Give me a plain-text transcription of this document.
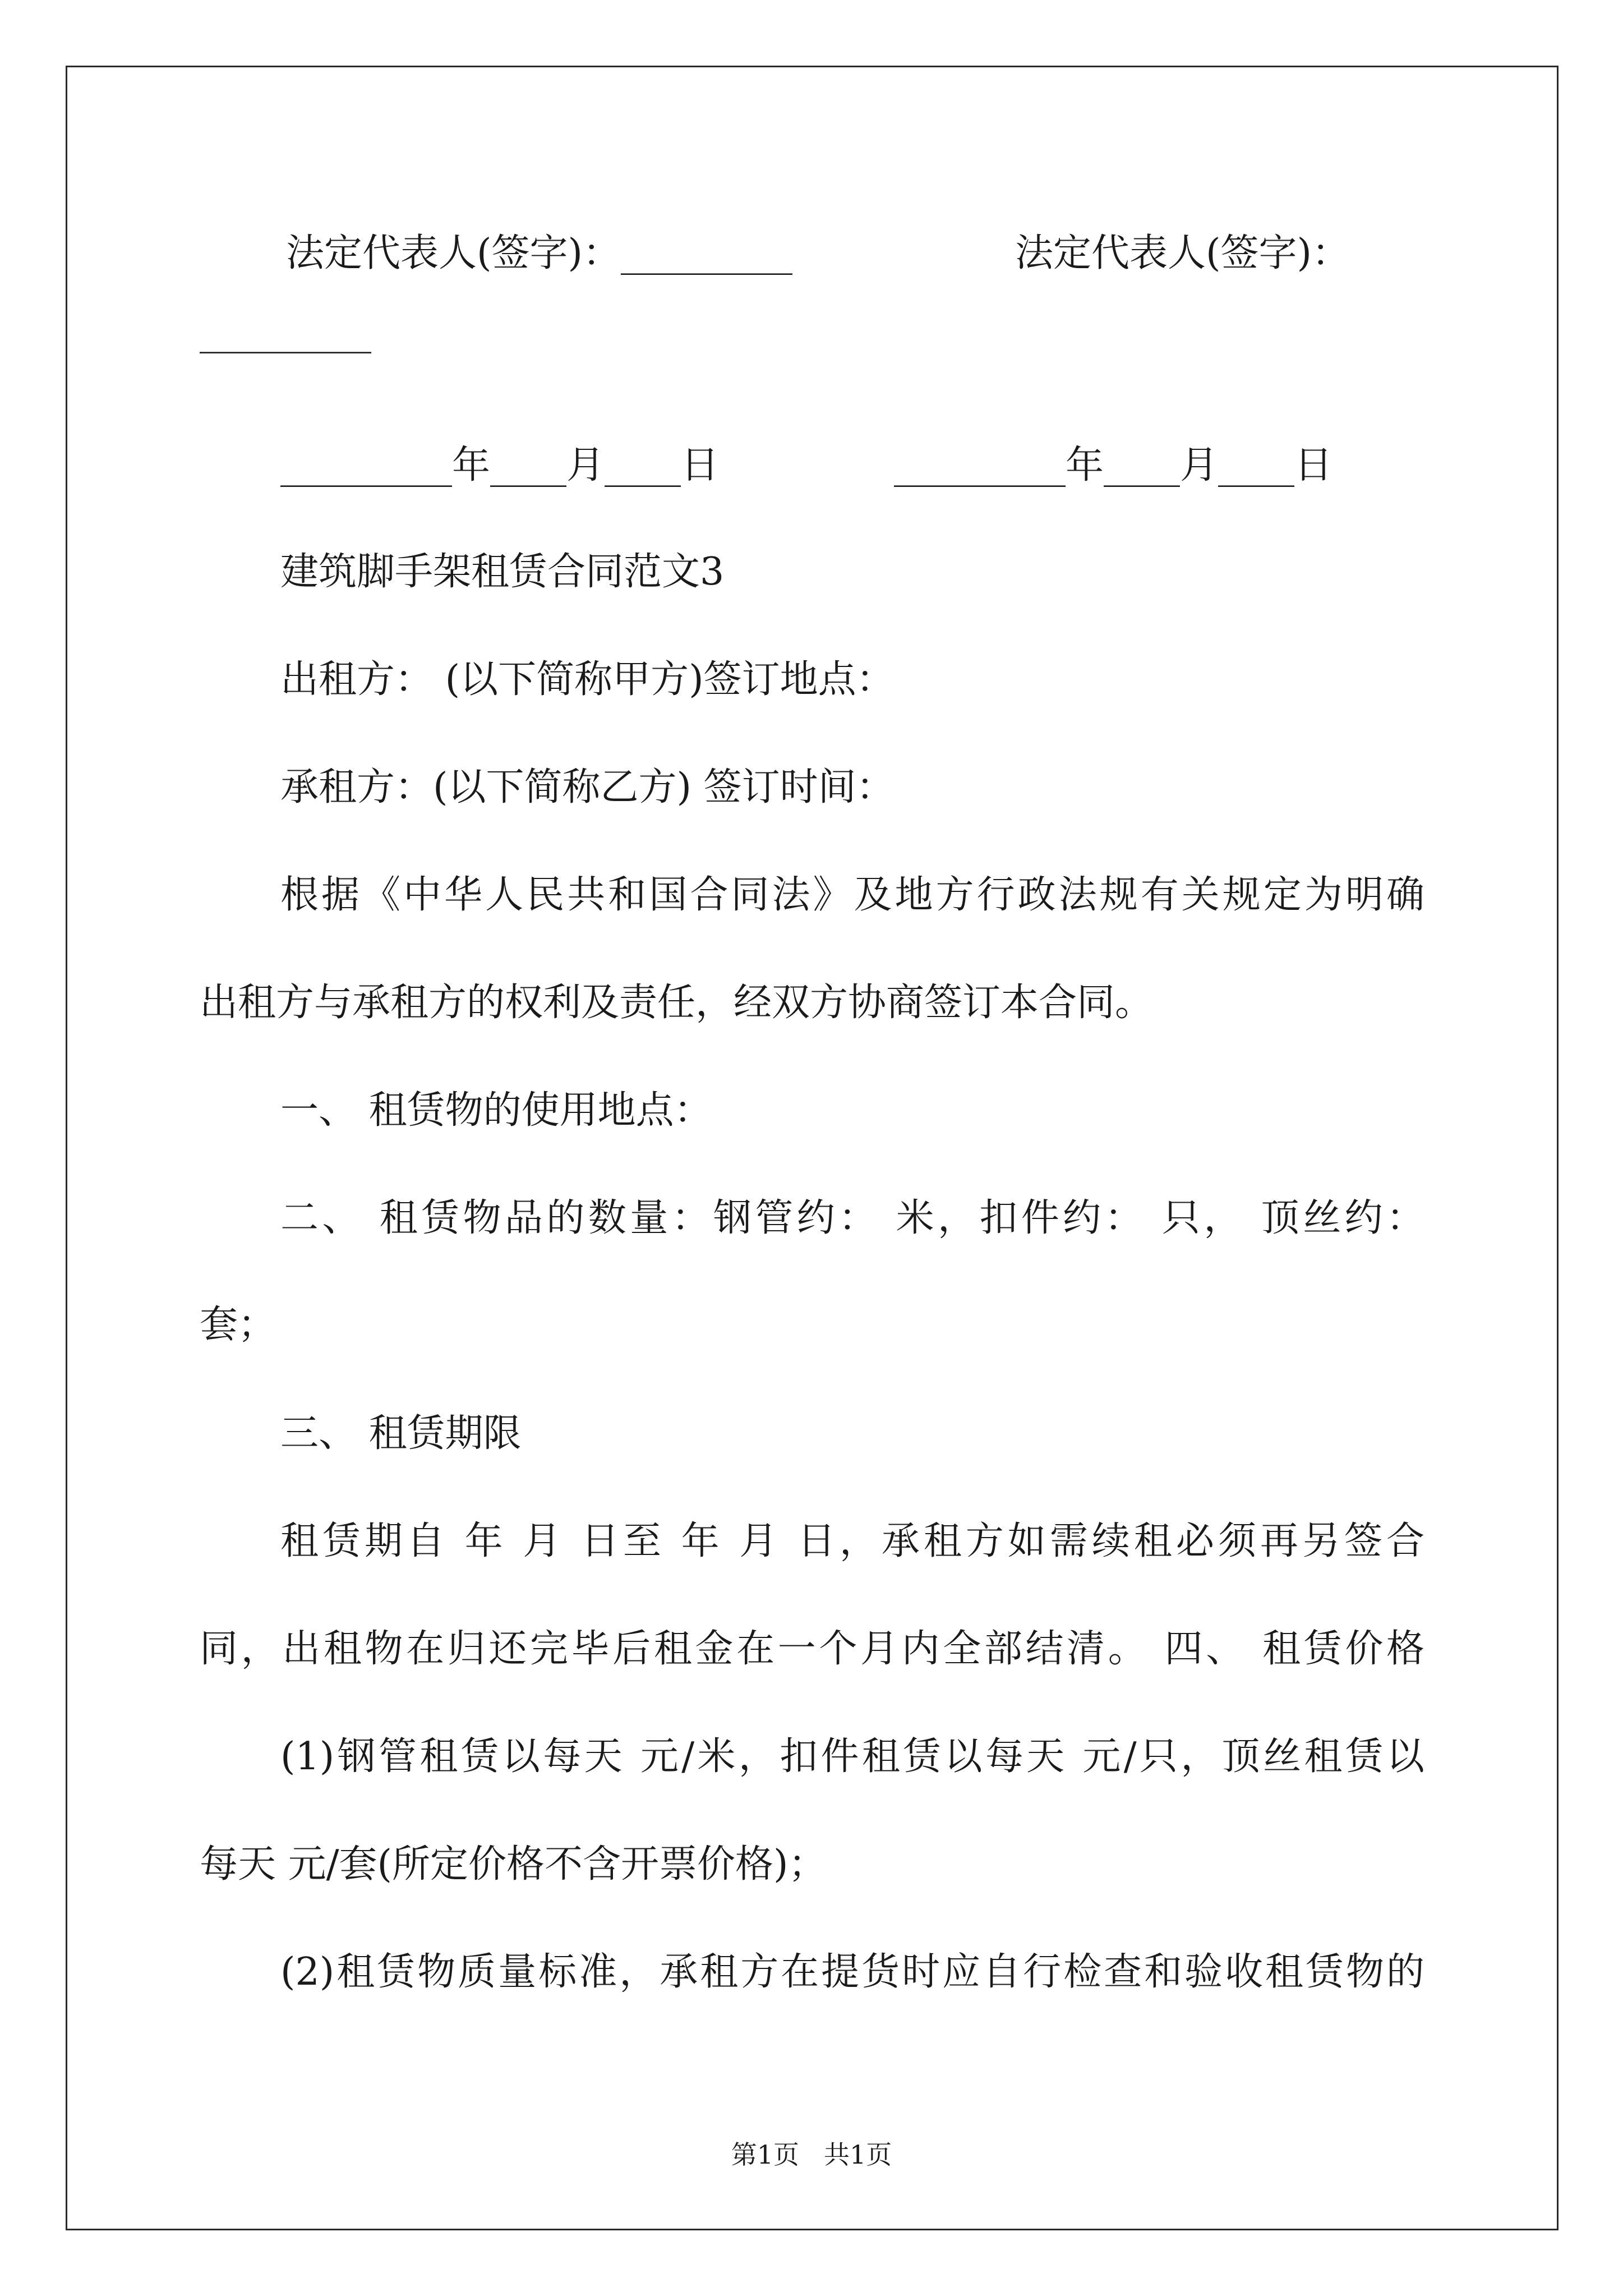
法定代表人(签字)：_________	法定代表人(签字)：
_________
_________年____月____日	_________年____月____日
建筑脚手架租赁合同范文3
出租方： (以下简称甲方)签订地点：
承租方：(以下简称乙方) 签订时间：
根据《中华人民共和国合同法》及地方行政法规有关规定为明确
出租方与承租方的权利及责任，经双方协商签订本合同。
一、 租赁物的使用地点：
二、 租赁物品的数量：钢管约： 米，扣件约： 只， 顶丝约：
套；
三、 租赁期限
租赁期自 年 月 日至 年 月 日，承租方如需续租必须再另签合
同，出租物在归还完毕后租金在一个月内全部结清。 四、 租赁价格
(1)钢管租赁以每天 元/米，扣件租赁以每天 元/只，顶丝租赁以
每天 元/套(所定价格不含开票价格)；
(2)租赁物质量标准，承租方在提货时应自行检查和验收租赁物的
第1页 共1页
